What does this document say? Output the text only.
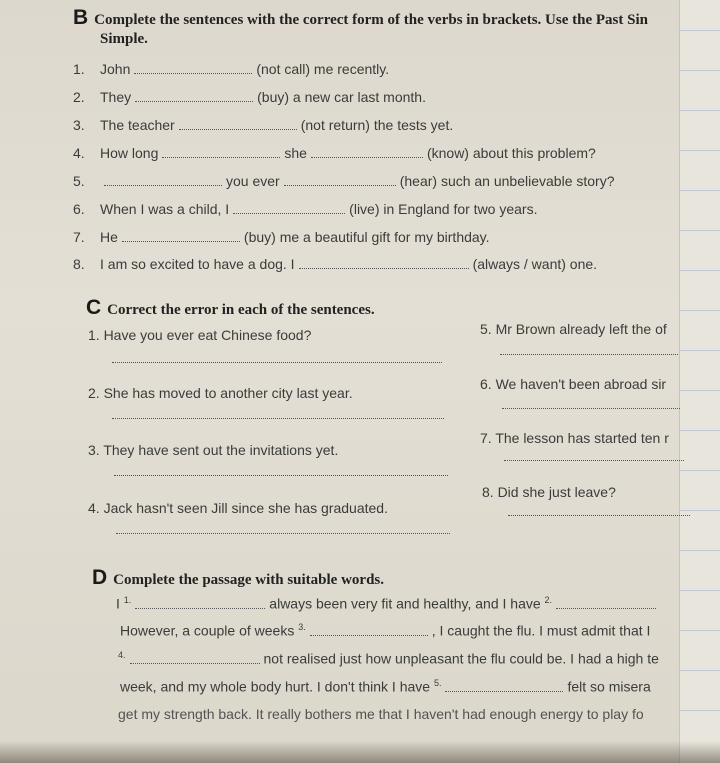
B Complete the sentences with the correct form of the verbs in brackets. Use the Past Sin
Simple.
1. John	(not call) me recently.
2. They	(buy) a new car last month.
3. The teacher	(not return) the tests yet.
4. How long	she	(know) about this problem?
5.	you ever	(hear) such an unbelievable story?
6. When I was a child, I	(live) in England for two years.
7. He	(buy) me a beautiful gift for my birthday.
8. I am so excited to have a dog. I	(always / want) one.
C Correct the error in each of the sentences.
1. Have you ever eat Chinese food?
2. She has moved to another city last year.
3. They have sent out the invitations yet.
4. Jack hasn't seen Jill since she has graduated.
5. Mr Brown already left the of
6. We haven't been abroad sir
7. The lesson has started ten r
8. Did she just leave?
D Complete the passage with suitable words.
I $^{1.}$	always been very fit and healthy, and I have $^{2.}$
However, a couple of weeks $^{3.}$	, I caught the flu. I must admit that I
$^{4.}$	not realised just how unpleasant the flu could be. I had a high te
week, and my whole body hurt. I don't think I have $^{5.}$	felt so misera
get my strength back. It really bothers me that I haven't had enough energy to play fo
